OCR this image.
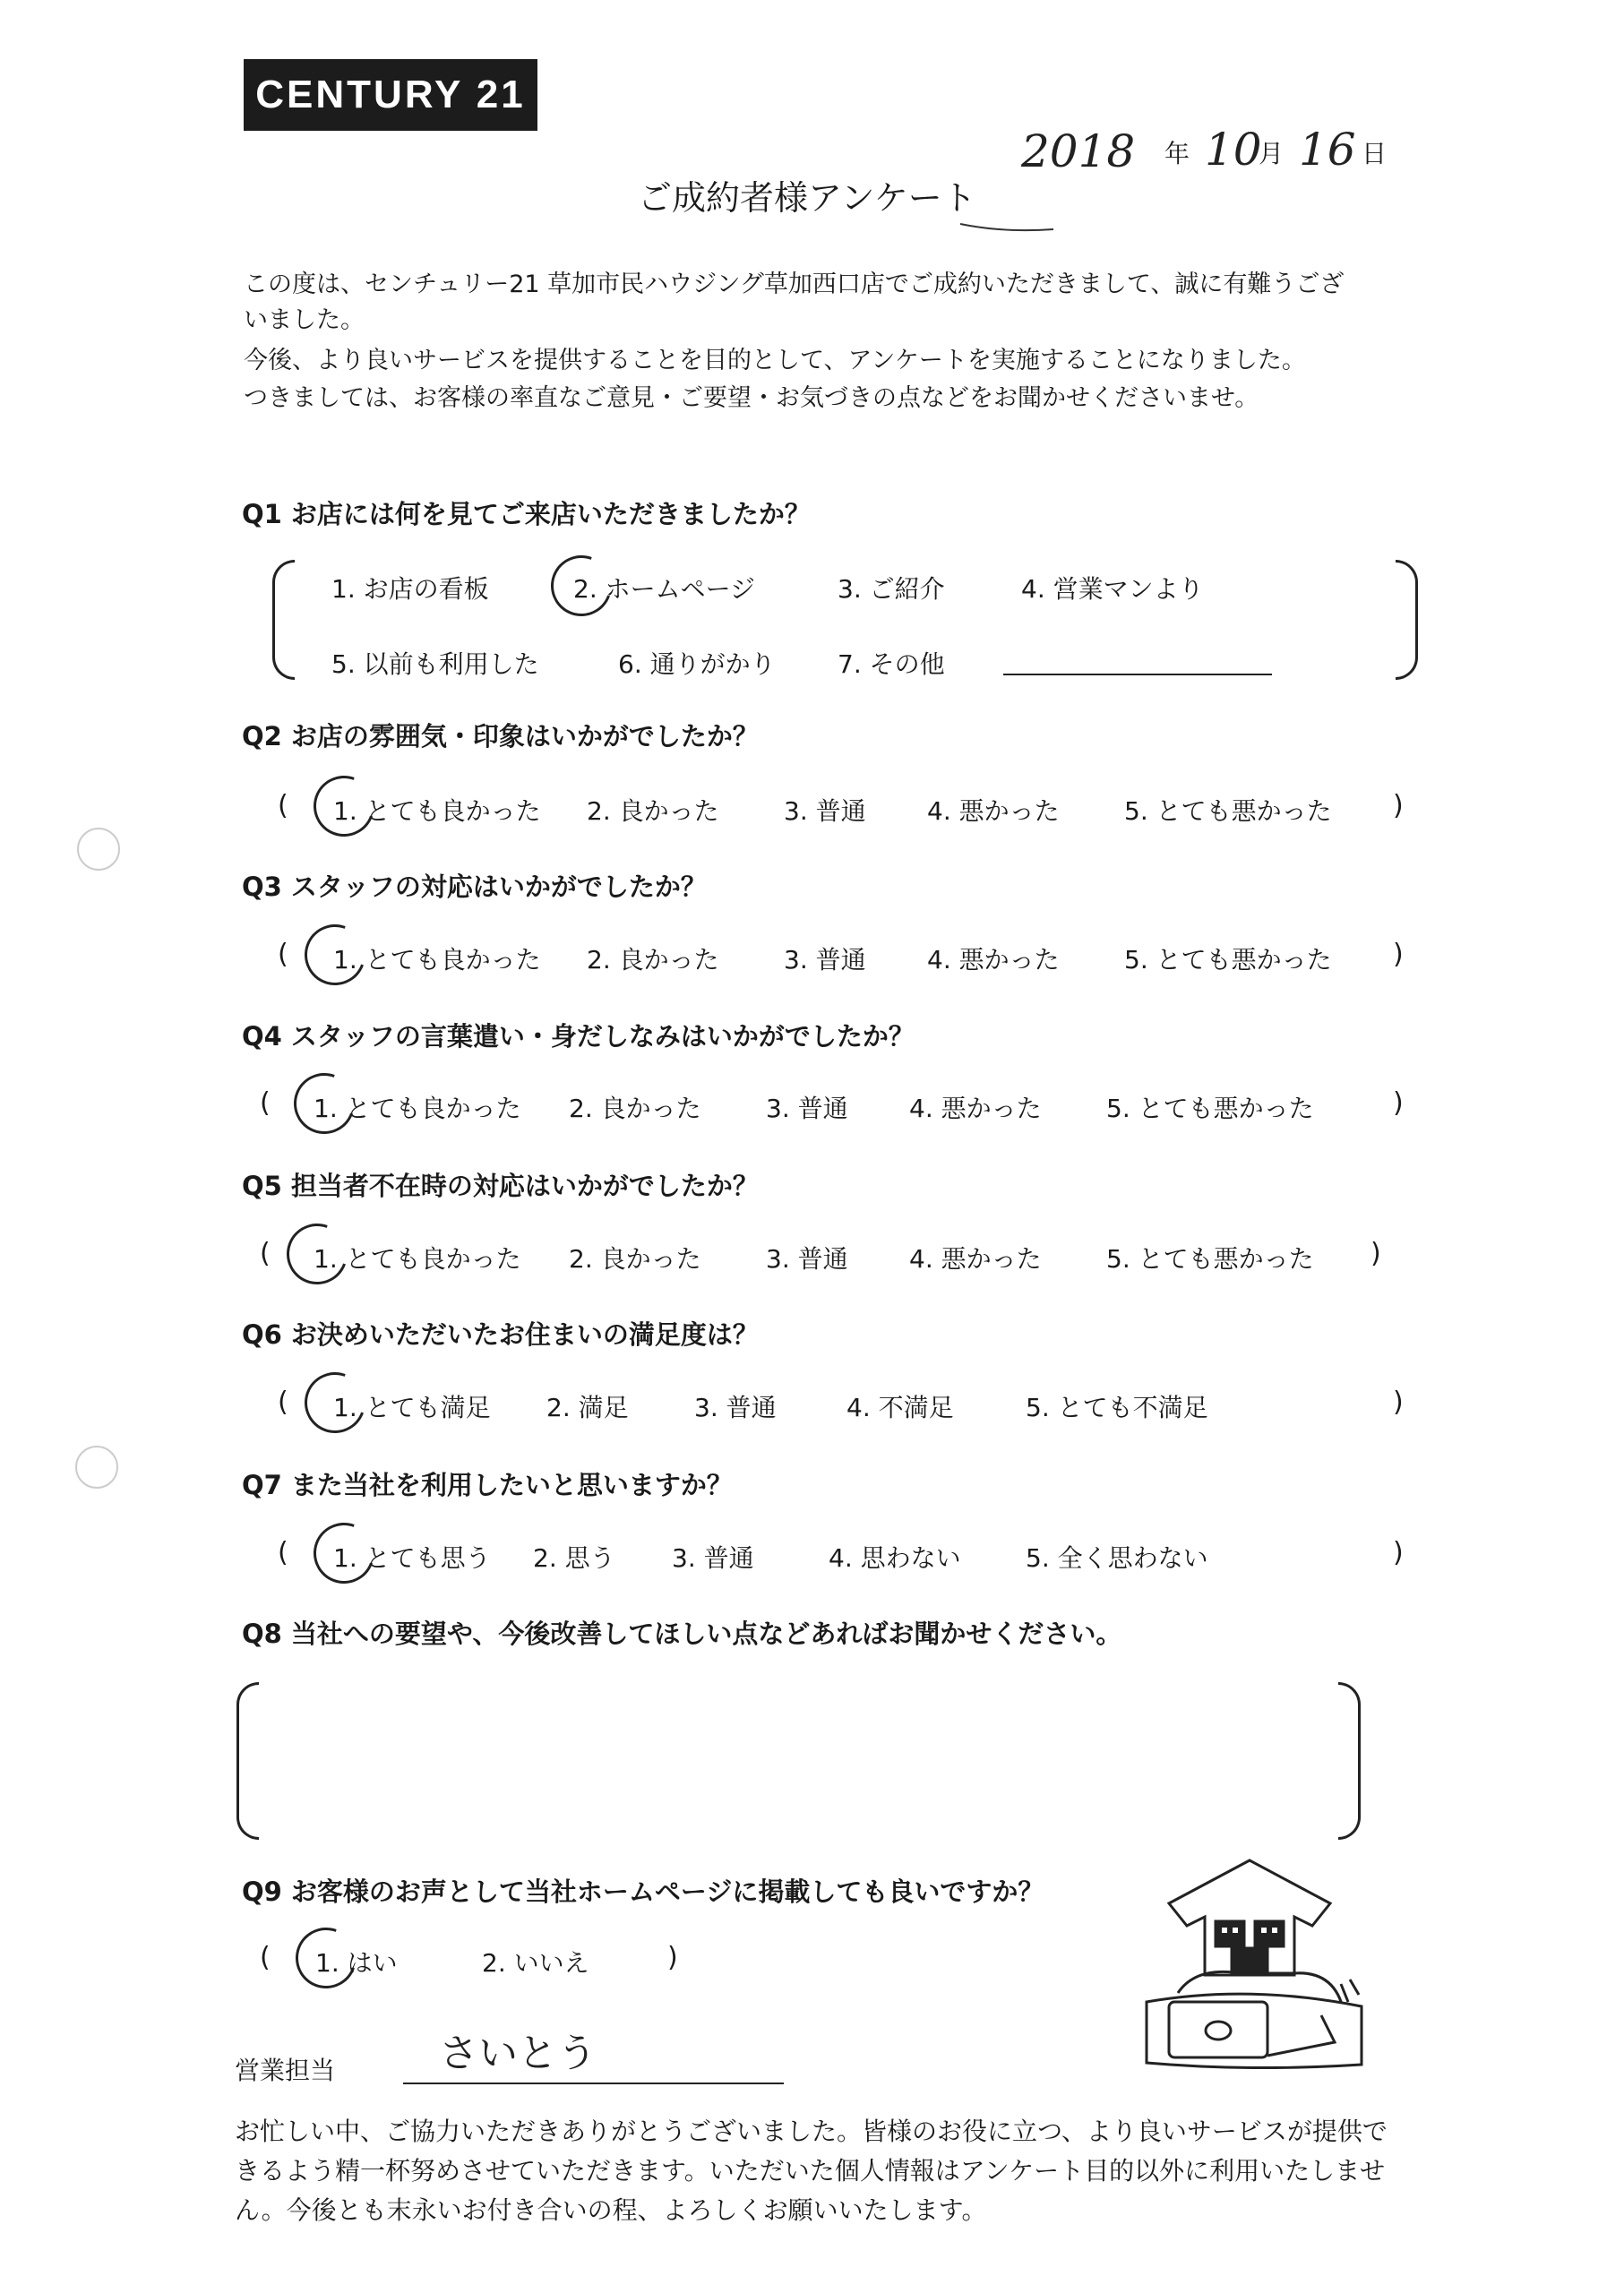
CENTURY 21
2018 年 10
月 16 日
ご成約者様アンケート
この度は、センチュリー21 草加市民ハウジング草加西口店でご成約いただきまして、誠に有難うござ
いました。
今後、より良いサービスを提供することを目的として、アンケートを実施することになりました。
つきましては、お客様の率直なご意見・ご要望・お気づきの点などをお聞かせくださいませ。
Q1 お店には何を見てご来店いただきましたか？
1. お店の看板	2. ホームページ	3. ご紹介	4. 営業マンより
5. 以前も利用した	6. 通りがかり 7. その他
Q2 お店の雰囲気・印象はいかがでしたか？
( 1. とても良かった 2. 良かった	3. 普通 4. 悪かった	5. とても悪かった )
Q3 スタッフの対応はいかがでしたか？
( 1. とても良かった 2. 良かった	3. 普通 4. 悪かった	5. とても悪かった )
Q4 スタッフの言葉遣い・身だしなみはいかがでしたか？
( 1. とても良かった 2. 良かった	3. 普通 4. 悪かった	5. とても悪かった	)
Q5 担当者不在時の対応はいかがでしたか？
( 1. とても良かった 2. 良かった	3. 普通 4. 悪かった	5. とても悪かった )
Q6 お決めいただいたお住まいの満足度は？
( 1. とても満足 2. 満足	3. 普通	4. 不満足	5. とても不満足	)
Q7 また当社を利用したいと思いますか？
( 1. とても思う 2. 思う 3. 普通	4. 思わない	5. 全く思わない	)
Q8 当社への要望や、今後改善してほしい点などあればお聞かせください。
Q9 お客様のお声として当社ホームページに掲載しても良いですか？
( 1. はい	2. いいえ	)
営業担当	さいとう
お忙しい中、ご協力いただきありがとうございました。皆様のお役に立つ、より良いサービスが提供できるよう精一杯努めさせていただきます。いただいた個人情報はアンケート目的以外に利用いたしません。今後とも末永いお付き合いの程、よろしくお願いいたします。
